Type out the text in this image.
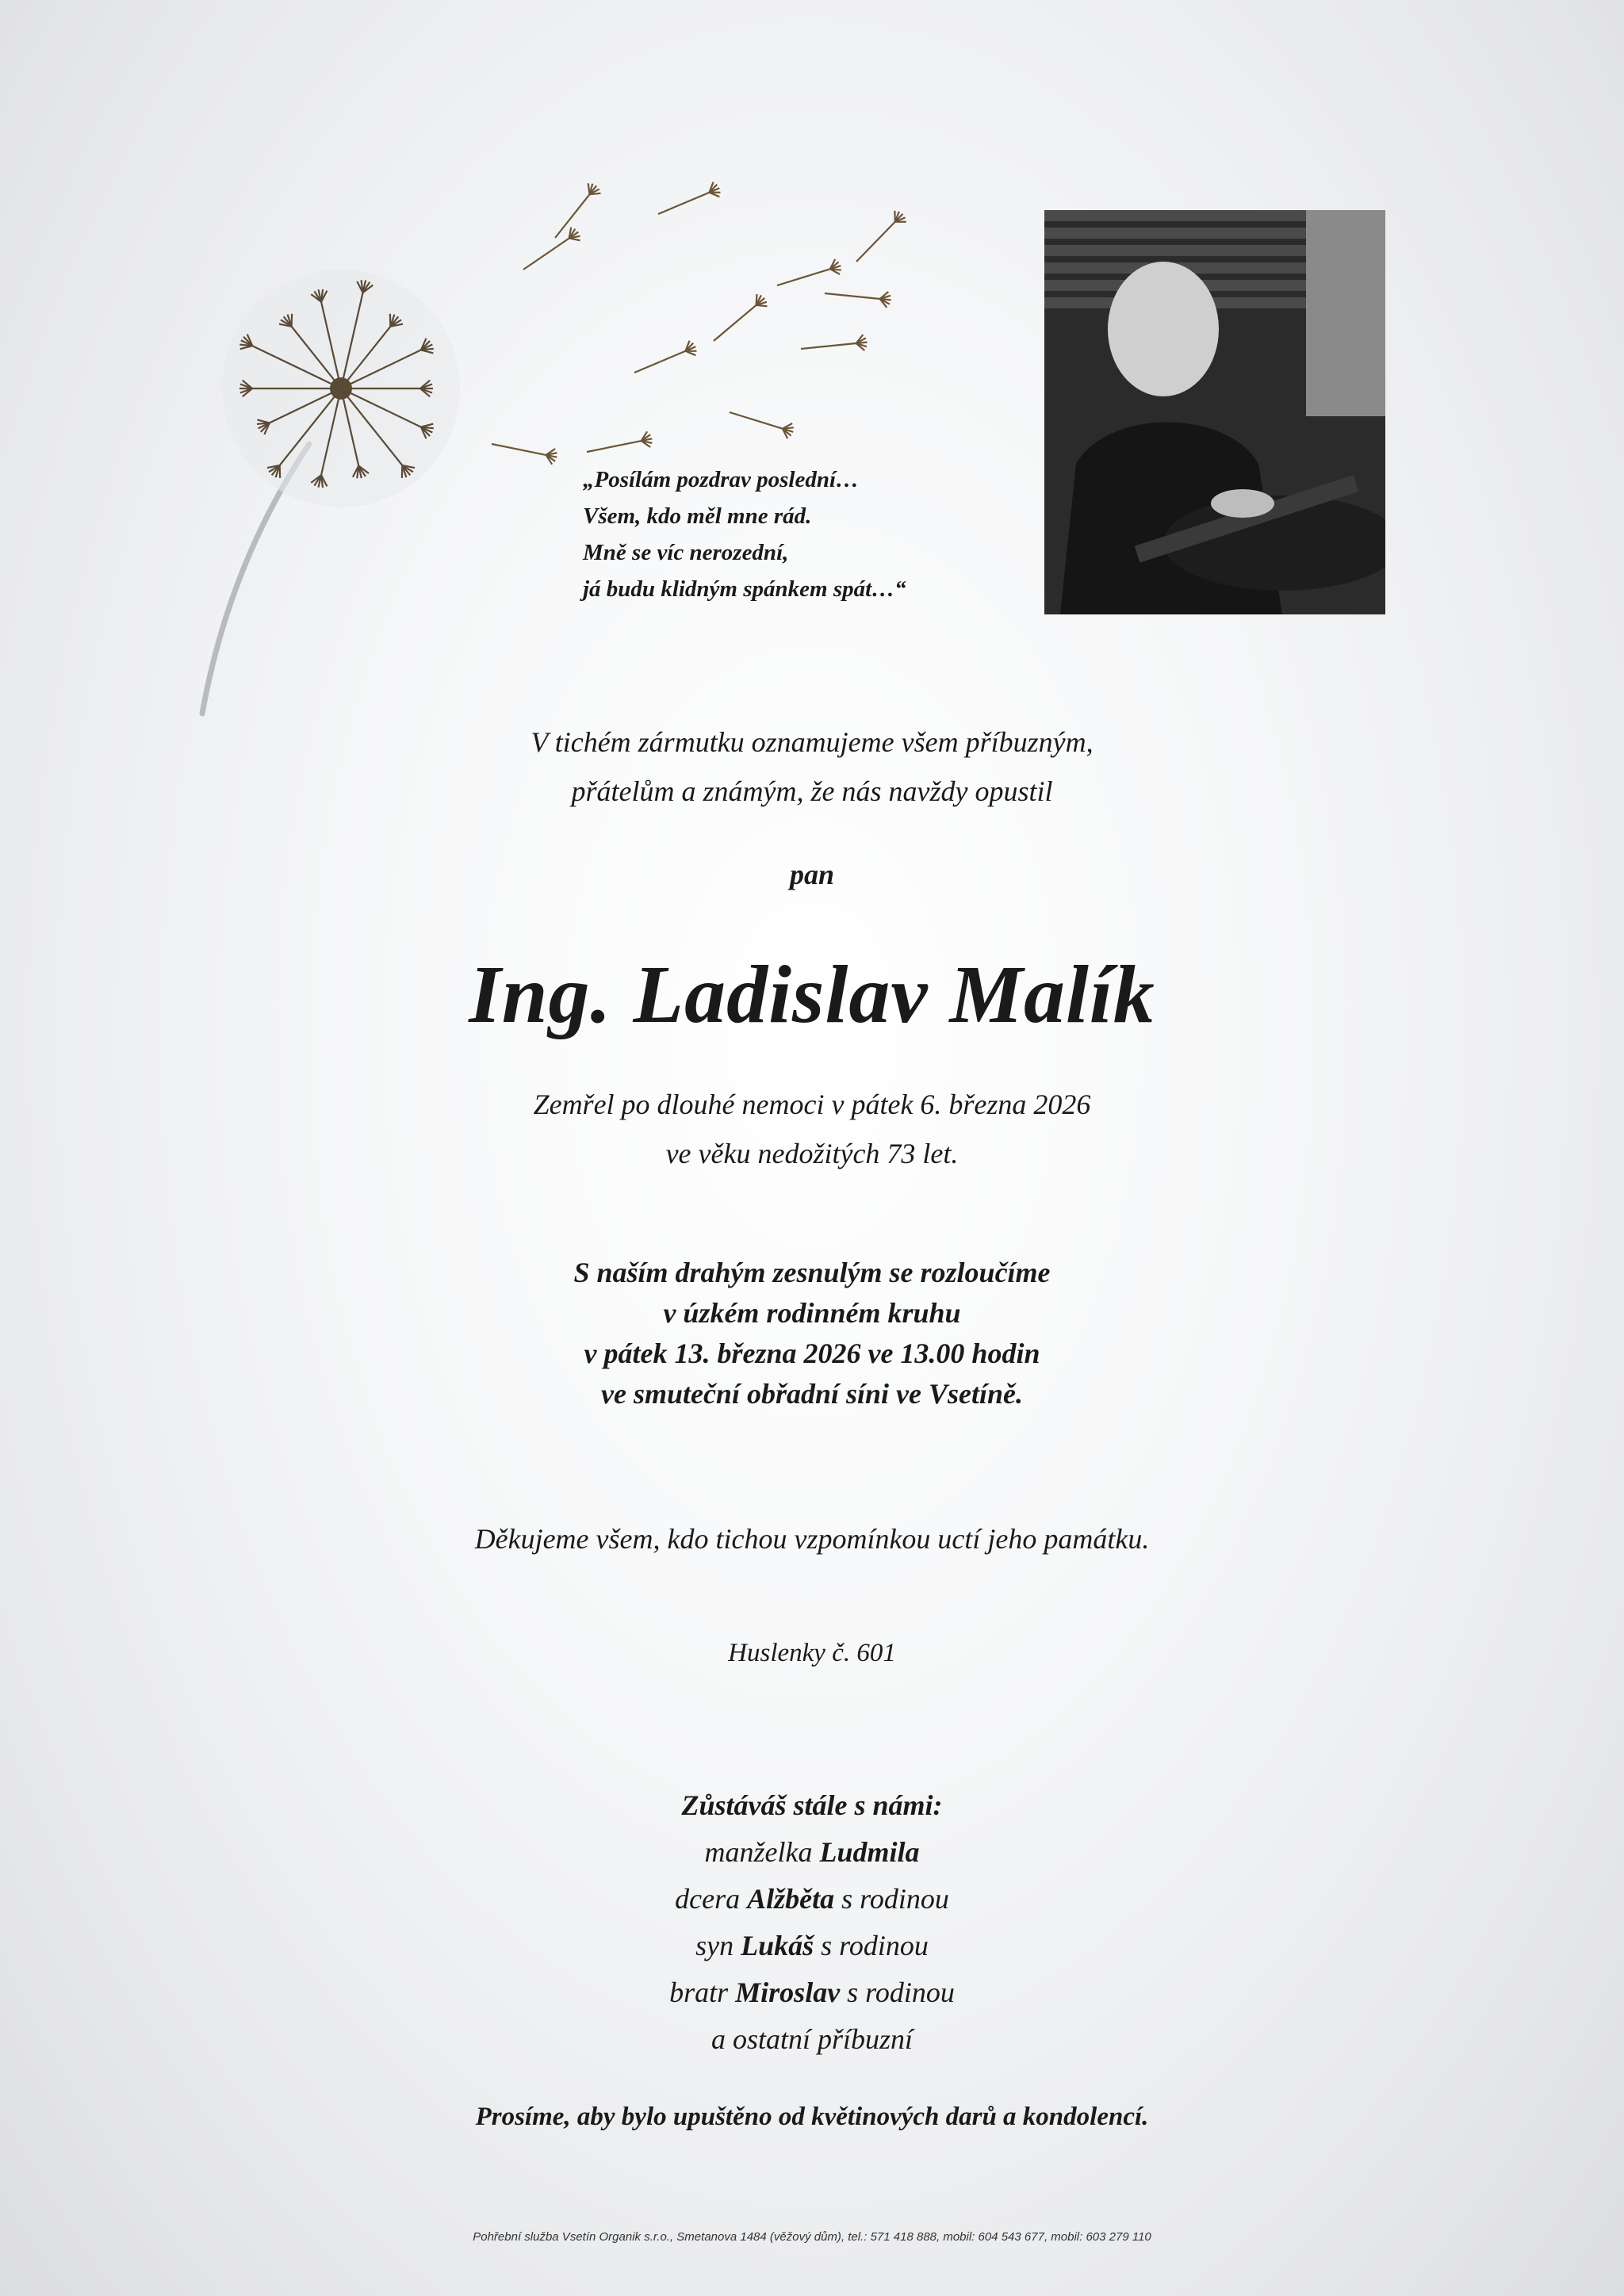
„Posílám pozdrav poslední…
Všem, kdo měl mne rád.
Mně se víc nerozední,
já budu klidným spánkem spát…“
V tichém zármutku oznamujeme všem příbuzným,
přátelům a známým, že nás navždy opustil
pan
Ing. Ladislav Malík
Zemřel po dlouhé nemoci v pátek 6. března 2026
ve věku nedožitých 73 let.
S naším drahým zesnulým se rozloučíme
v úzkém rodinném kruhu
v pátek 13. března 2026 ve 13.00 hodin
ve smuteční obřadní síni ve Vsetíně.
Děkujeme všem, kdo tichou vzpomínkou uctí jeho památku.
Huslenky č. 601
Zůstáváš stále s námi:
manželka Ludmila
dcera Alžběta s rodinou
syn Lukáš s rodinou
bratr Miroslav s rodinou
a ostatní příbuzní
Prosíme, aby bylo upuštěno od květinových darů a kondolencí.
Pohřební služba Vsetín Organik s.r.o., Smetanova 1484 (věžový dům), tel.: 571 418 888, mobil: 604 543 677, mobil: 603 279 110
